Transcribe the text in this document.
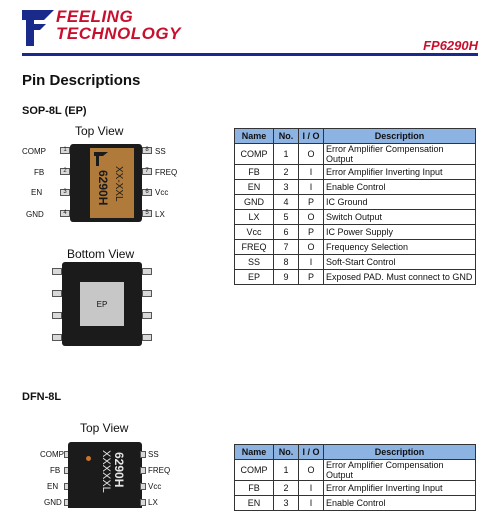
FEELING
TECHNOLOGY
FP6290H
Pin Descriptions
SOP-8L (EP)
Top View
COMP
FB
EN
GND
1
2
3
4
6290H XX-XXL
8
7
6
5
SS
FREQ
Vcc
LX
Bottom View
EP
Name	No.	I / O	Description
COMP	1	O	Error Amplifier Compensation Output
FB	2	I	Error Amplifier Inverting Input
EN	3	I	Enable Control
GND	4	P	IC Ground
LX	5	O	Switch Output
Vcc	6	P	IC Power Supply
FREQ	7	O	Frequency Selection
SS	8	I	Soft-Start Control
EP	9	P	Exposed PAD. Must connect to GND
DFN-8L
Top View
COMP
FB
EN
GND
6290H
XXXXXL	SS
FREQ
Vcc
LX
Name	No.	I / O	Description
COMP	1	O	Error Amplifier Compensation Output
FB	2	I	Error Amplifier Inverting Input
EN	3	I	Enable Control
